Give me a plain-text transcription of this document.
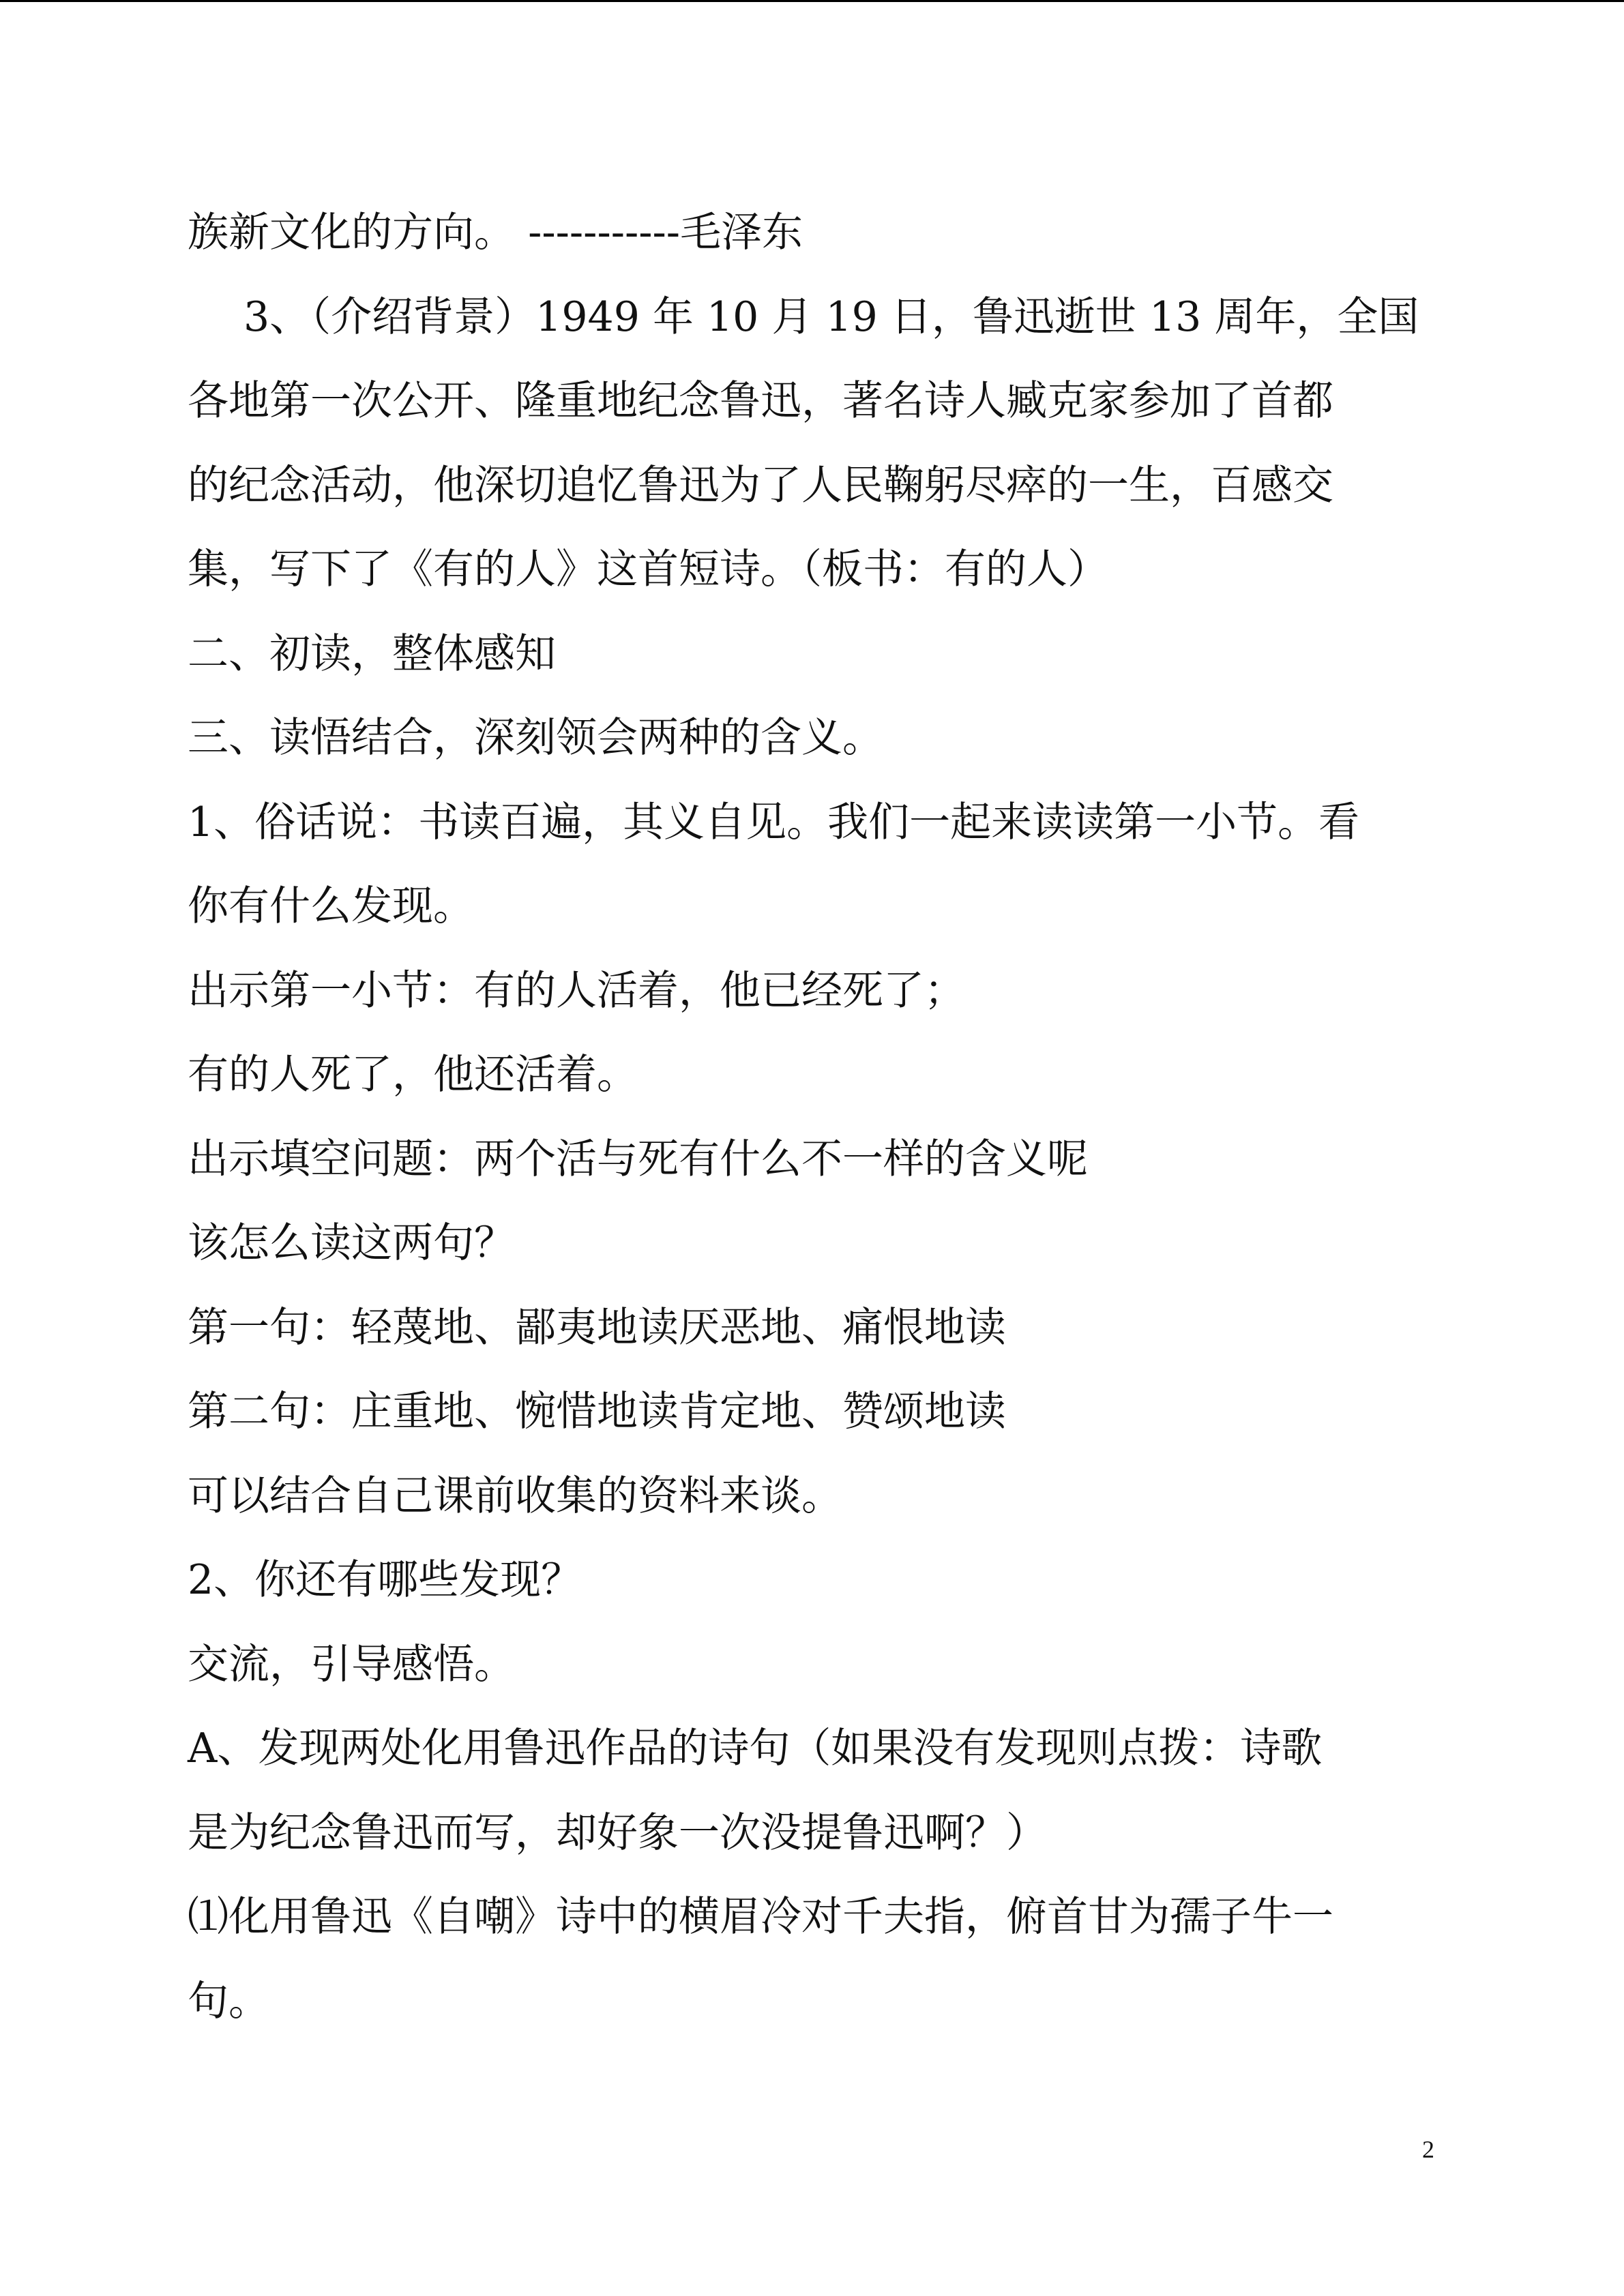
族新文化的方向。 -----------毛泽东
3、（介绍背景）1949 年 10 月 19 日，鲁迅逝世 13 周年，全国
各地第一次公开、隆重地纪念鲁迅，著名诗人臧克家参加了首都
的纪念活动，他深切追忆鲁迅为了人民鞠躬尽瘁的一生，百感交
集，写下了《有的人》这首短诗。（板书：有的人）
二、初读，整体感知
三、读悟结合，深刻领会两种的含义。
1、俗话说：书读百遍，其义自见。我们一起来读读第一小节。看
你有什么发现。
出示第一小节：有的人活着，他已经死了；
有的人死了，他还活着。
出示填空问题：两个活与死有什么不一样的含义呢
该怎么读这两句？
第一句：轻蔑地、鄙夷地读厌恶地、痛恨地读
第二句：庄重地、惋惜地读肯定地、赞颂地读
可以结合自己课前收集的资料来谈。
2、你还有哪些发现？
交流，引导感悟。
A、发现两处化用鲁迅作品的诗句（如果没有发现则点拨：诗歌
是为纪念鲁迅而写，却好象一次没提鲁迅啊？）
⑴化用鲁迅《自嘲》诗中的横眉冷对千夫指，俯首甘为孺子牛一
句。
2
